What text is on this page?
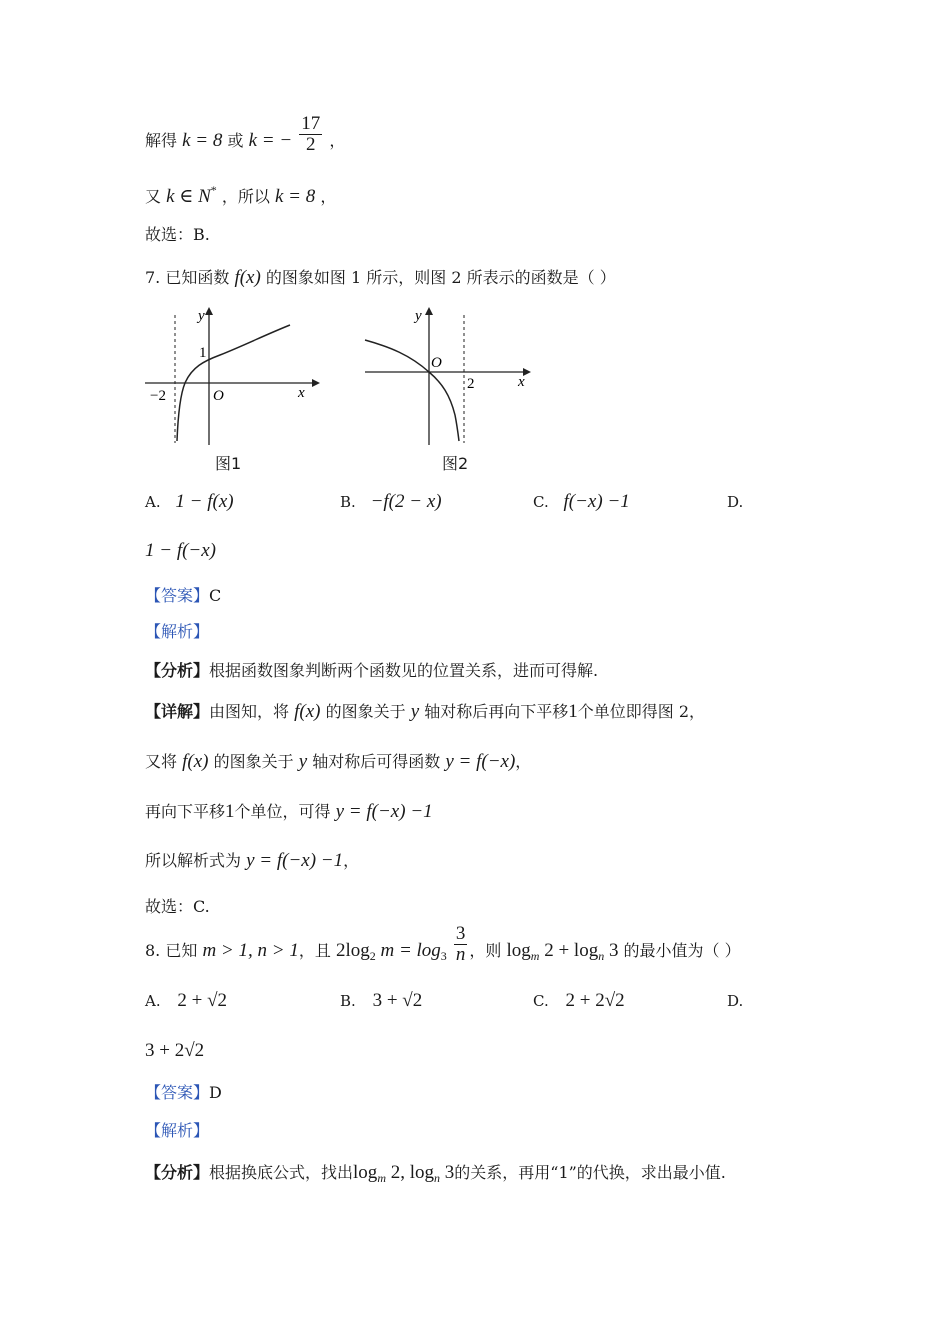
解得 k = 8 或 k = − $\frac{17}{2}$ ，
又 k ∈ N* ，所以 k = 8 ，
故选：B.
7. 已知函数 f(x) 的图象如图 1 所示，则图 2 所表示的函数是（ ）
y
1
−2	O	x
图1
y
O
2	x
图2
A. 1 − f(x)	B. −f(2 − x)	C. f(−x) −1	D.
1 − f(−x)
【答案】C
【解析】
【分析】根据函数图象判断两个函数见的位置关系，进而可得解.
【详解】由图知，将 f(x) 的图象关于 y 轴对称后再向下平移1个单位即得图 2，
又将 f(x) 的图象关于 y 轴对称后可得函数 y = f(−x)，
再向下平移1个单位，可得 y = f(−x) −1
所以解析式为 y = f(−x) −1，
故选：C.
8. 已知 m > 1, n > 1，且 $2\log_2$ $m = \log_3 \frac{3}{n}$ ，则 $\log_m 2 + \log_n 3$ 的最小值为（ ）
A. 2 + √2	B. 3 + √2	C. 2 + 2√2	D.
3 + 2√2
【答案】D
【解析】
【分析】根据换底公式，找出$\log_m 2$, $\log_n 3$的关系，再用“1”的代换，求出最小值.
